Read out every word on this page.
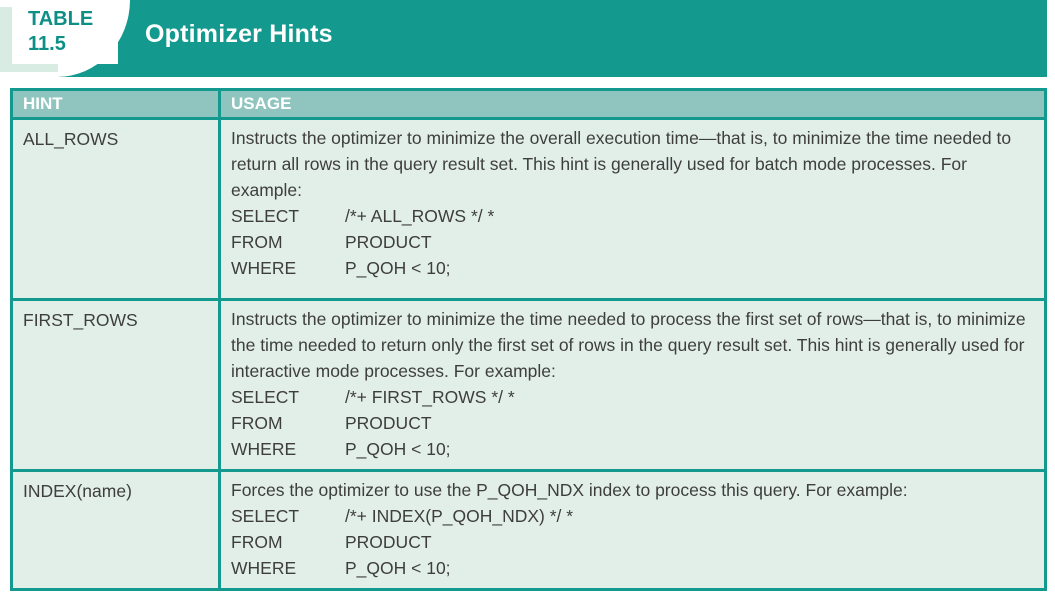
Optimizer Hints
TABLE
11.5
HINT	USAGE
ALL_ROWS	Instructs the optimizer to minimize the overall execution time—that is, to minimize the time needed to return all rows in the query result set. This hint is generally used for batch mode processes. For example:
SELECT	/*+ ALL_ROWS */ *
FROM	PRODUCT
WHERE	P_QOH < 10;
FIRST_ROWS	Instructs the optimizer to minimize the time needed to process the first set of rows—that is, to minimize the time needed to return only the first set of rows in the query result set. This hint is generally used for interactive mode processes. For example:
SELECT	/*+ FIRST_ROWS */ *
FROM	PRODUCT
WHERE	P_QOH < 10;
INDEX(name)	Forces the optimizer to use the P_QOH_NDX index to process this query. For example:
SELECT	/*+ INDEX(P_QOH_NDX) */ *
FROM	PRODUCT
WHERE	P_QOH < 10;
